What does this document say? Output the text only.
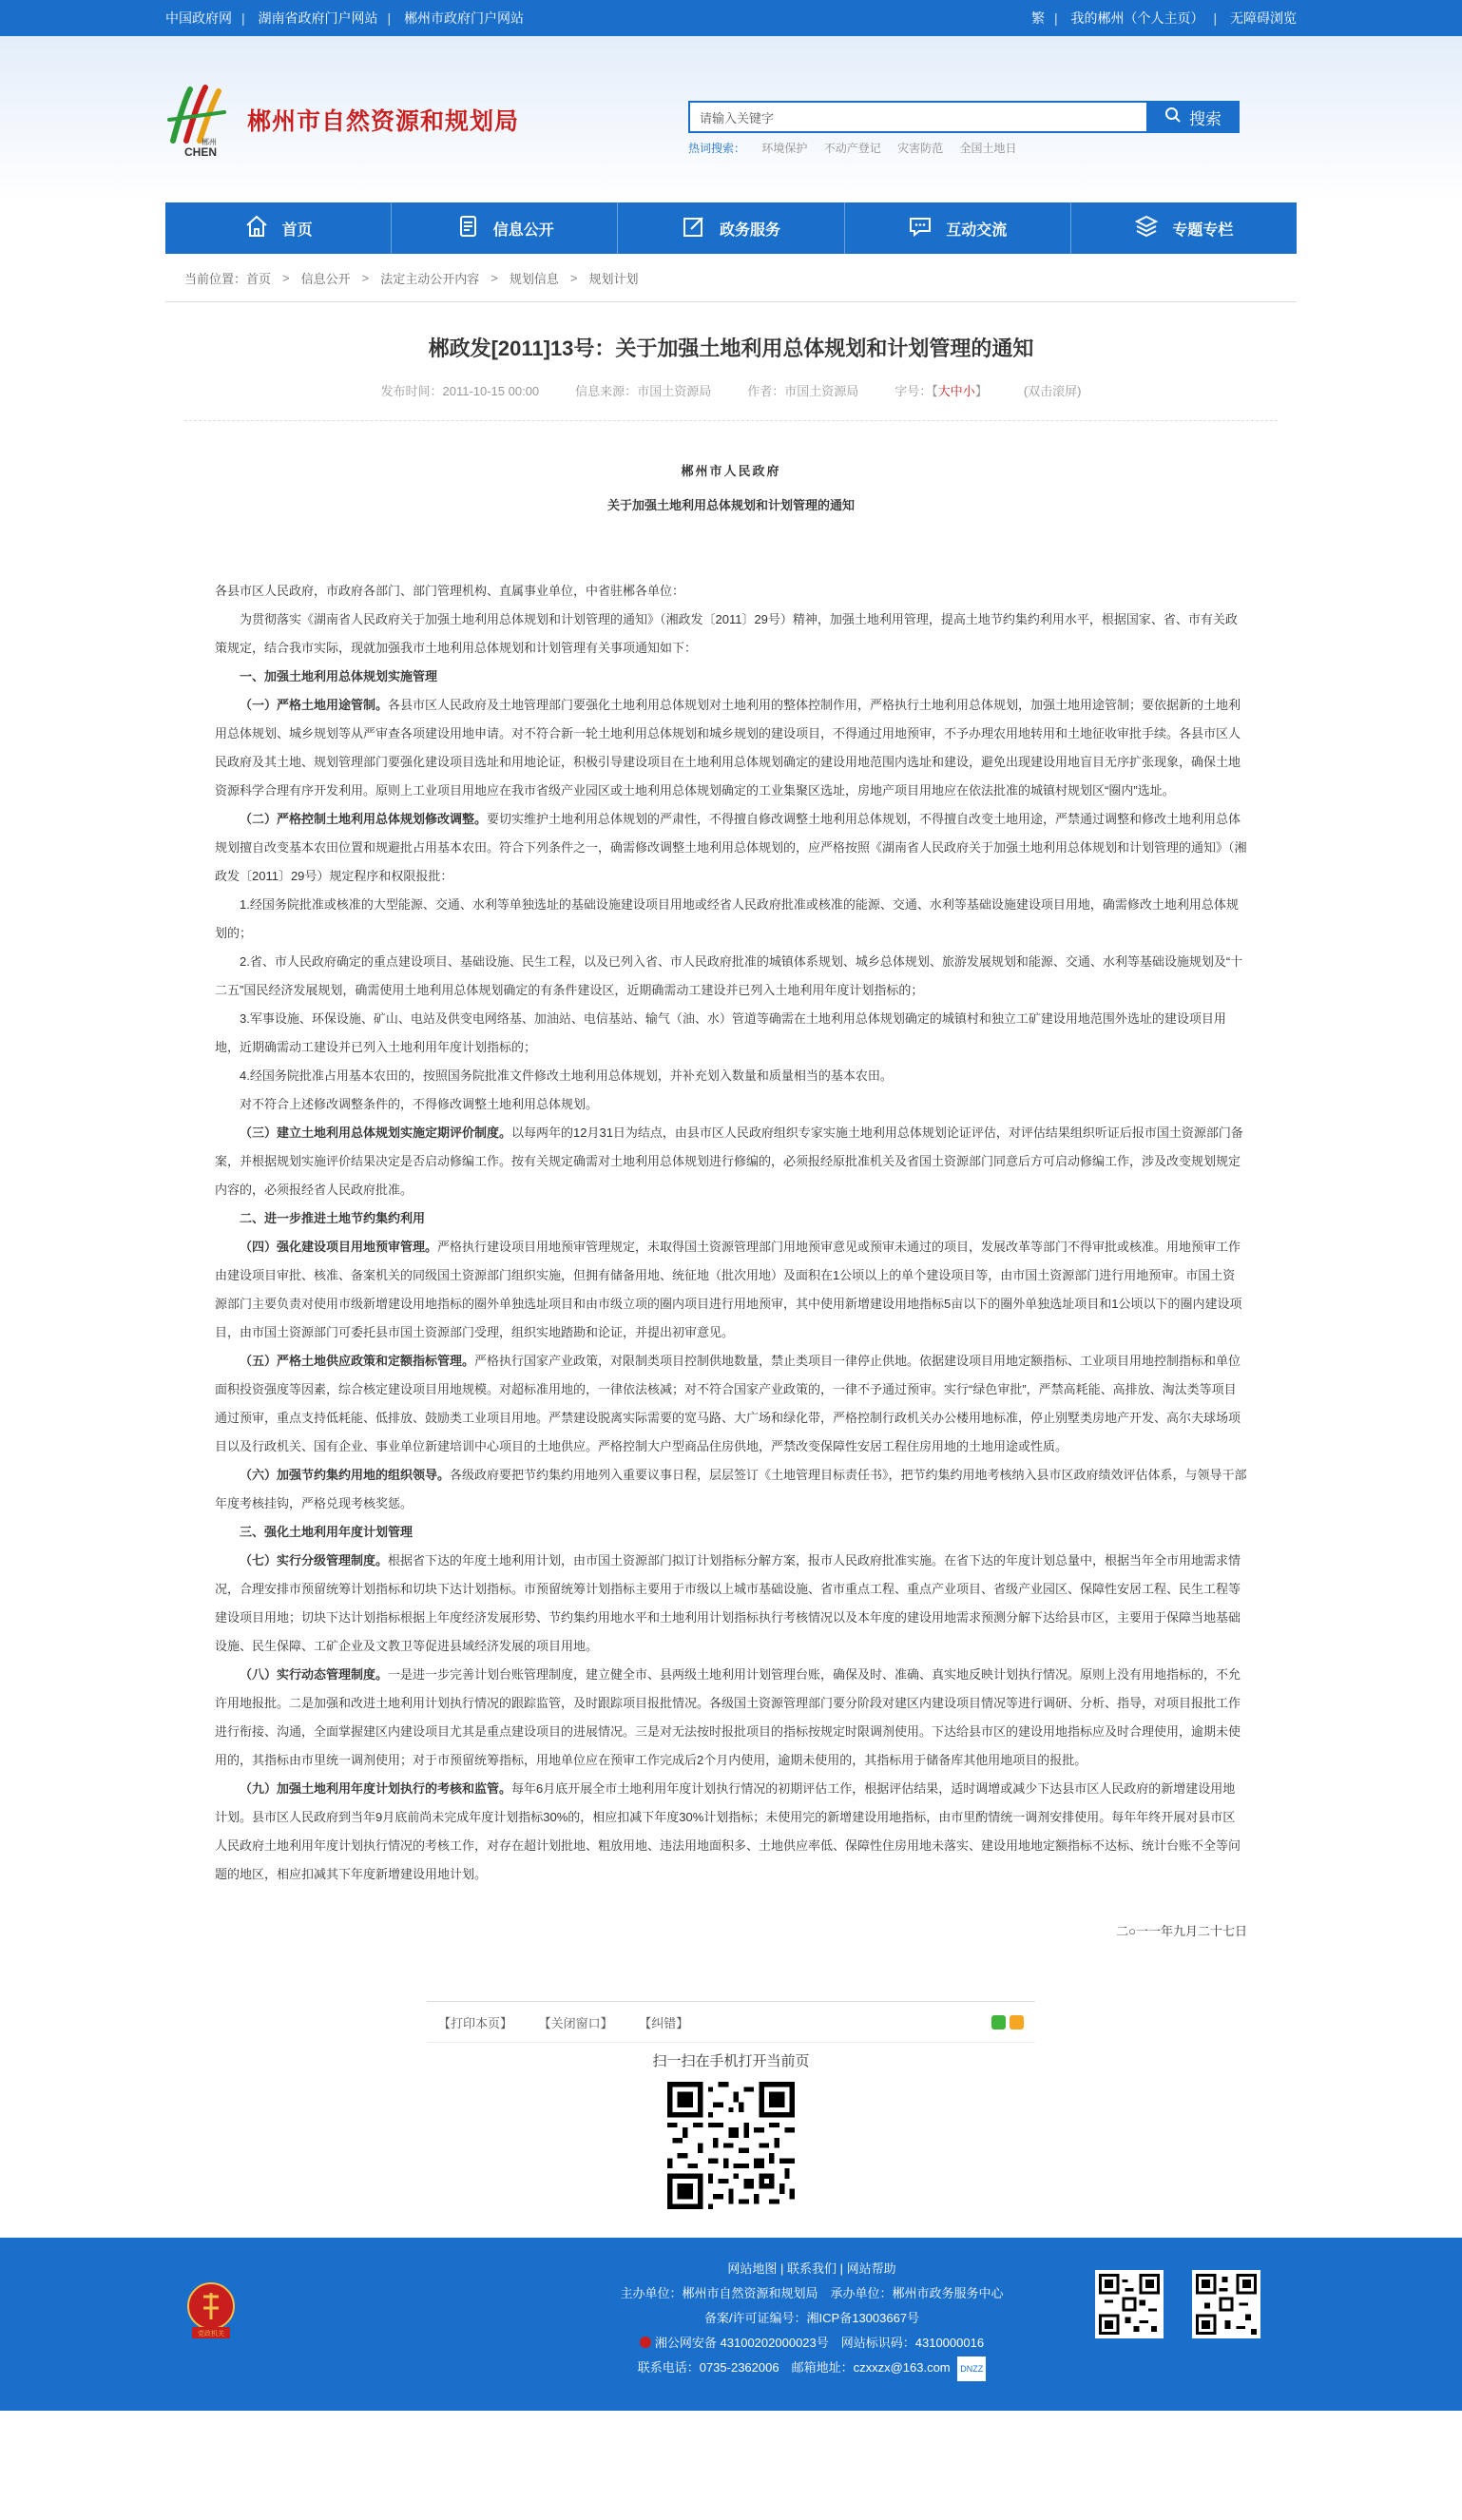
中国政府网 | 湖南省政府门户网站 | 郴州市政府门户网站	繁 | 我的郴州（个人主页） | 无障碍浏览
郴州
CHEN
郴州市自然资源和规划局
请输入关键字	搜索
热词搜索： 环境保护 不动产登记 灾害防范 全国土地日
首页	信息公开	政务服务	互动交流	专题专栏
当前位置： 首页 > 信息公开 > 法定主动公开内容 > 规划信息 > 规划计划
郴政发[2011]13号：关于加强土地利用总体规划和计划管理的通知
发布时间：2011-10-15 00:00	信息来源：市国土资源局	作者：市国土资源局	字号：【大中小】	(双击滚屏)
郴州市人民政府
关于加强土地利用总体规划和计划管理的通知

各县市区人民政府，市政府各部门、部门管理机构、直属事业单位，中省驻郴各单位：

为贯彻落实《湖南省人民政府关于加强土地利用总体规划和计划管理的通知》（湘政发〔2011〕29号）精神，加强土地利用管理，提高土地节约集约利用水平，根据国家、省、市有关政策规定，结合我市实际，现就加强我市土地利用总体规划和计划管理有关事项通知如下：

一、加强土地利用总体规划实施管理

（一）严格土地用途管制。各县市区人民政府及土地管理部门要强化土地利用总体规划对土地利用的整体控制作用，严格执行土地利用总体规划，加强土地用途管制；要依据新的土地利用总体规划、城乡规划等从严审查各项建设用地申请。对不符合新一轮土地利用总体规划和城乡规划的建设项目，不得通过用地预审，不予办理农用地转用和土地征收审批手续。各县市区人民政府及其土地、规划管理部门要强化建设项目选址和用地论证，积极引导建设项目在土地利用总体规划确定的建设用地范围内选址和建设，避免出现建设用地盲目无序扩张现象，确保土地资源科学合理有序开发利用。原则上工业项目用地应在我市省级产业园区或土地利用总体规划确定的工业集聚区选址，房地产项目用地应在依法批准的城镇村规划区“圈内”选址。

（二）严格控制土地利用总体规划修改调整。要切实维护土地利用总体规划的严肃性，不得擅自修改调整土地利用总体规划，不得擅自改变土地用途，严禁通过调整和修改土地利用总体规划擅自改变基本农田位置和规避批占用基本农田。符合下列条件之一，确需修改调整土地利用总体规划的，应严格按照《湖南省人民政府关于加强土地利用总体规划和计划管理的通知》（湘政发〔2011〕29号）规定程序和权限报批：

1.经国务院批准或核准的大型能源、交通、水利等单独选址的基础设施建设项目用地或经省人民政府批准或核准的能源、交通、水利等基础设施建设项目用地，确需修改土地利用总体规划的；

2.省、市人民政府确定的重点建设项目、基础设施、民生工程，以及已列入省、市人民政府批准的城镇体系规划、城乡总体规划、旅游发展规划和能源、交通、水利等基础设施规划及“十二五”国民经济发展规划，确需使用土地利用总体规划确定的有条件建设区，近期确需动工建设并已列入土地利用年度计划指标的；

3.军事设施、环保设施、矿山、电站及供变电网络基、加油站、电信基站、输气（油、水）管道等确需在土地利用总体规划确定的城镇村和独立工矿建设用地范围外选址的建设项目用地，近期确需动工建设并已列入土地利用年度计划指标的；

4.经国务院批准占用基本农田的，按照国务院批准文件修改土地利用总体规划，并补充划入数量和质量相当的基本农田。

对不符合上述修改调整条件的，不得修改调整土地利用总体规划。

（三）建立土地利用总体规划实施定期评价制度。以每两年的12月31日为结点，由县市区人民政府组织专家实施土地利用总体规划论证评估，对评估结果组织听证后报市国土资源部门备案，并根据规划实施评价结果决定是否启动修编工作。按有关规定确需对土地利用总体规划进行修编的，必须报经原批准机关及省国土资源部门同意后方可启动修编工作，涉及改变规划规定内容的，必须报经省人民政府批准。

二、进一步推进土地节约集约利用

（四）强化建设项目用地预审管理。严格执行建设项目用地预审管理规定，未取得国土资源管理部门用地预审意见或预审未通过的项目，发展改革等部门不得审批或核准。用地预审工作由建设项目审批、核准、备案机关的同级国土资源部门组织实施，但拥有储备用地、统征地（批次用地）及面积在1公顷以上的单个建设项目等，由市国土资源部门进行用地预审。市国土资源部门主要负责对使用市级新增建设用地指标的圈外单独选址项目和由市级立项的圈内项目进行用地预审，其中使用新增建设用地指标5亩以下的圈外单独选址项目和1公顷以下的圈内建设项目，由市国土资源部门可委托县市国土资源部门受理，组织实地踏勘和论证，并提出初审意见。

（五）严格土地供应政策和定额指标管理。严格执行国家产业政策，对限制类项目控制供地数量，禁止类项目一律停止供地。依据建设项目用地定额指标、工业项目用地控制指标和单位面积投资强度等因素，综合核定建设项目用地规模。对超标准用地的，一律依法核减；对不符合国家产业政策的，一律不予通过预审。实行“绿色审批”，严禁高耗能、高排放、淘汰类等项目通过预审，重点支持低耗能、低排放、鼓励类工业项目用地。严禁建设脱离实际需要的宽马路、大广场和绿化带，严格控制行政机关办公楼用地标准，停止别墅类房地产开发、高尔夫球场项目以及行政机关、国有企业、事业单位新建培训中心项目的土地供应。严格控制大户型商品住房供地，严禁改变保障性安居工程住房用地的土地用途或性质。

（六）加强节约集约用地的组织领导。各级政府要把节约集约用地列入重要议事日程，层层签订《土地管理目标责任书》，把节约集约用地考核纳入县市区政府绩效评估体系，与领导干部年度考核挂钩，严格兑现考核奖惩。

三、强化土地利用年度计划管理

（七）实行分级管理制度。根据省下达的年度土地利用计划，由市国土资源部门拟订计划指标分解方案，报市人民政府批准实施。在省下达的年度计划总量中，根据当年全市用地需求情况，合理安排市预留统筹计划指标和切块下达计划指标。市预留统筹计划指标主要用于市级以上城市基础设施、省市重点工程、重点产业项目、省级产业园区、保障性安居工程、民生工程等建设项目用地；切块下达计划指标根据上年度经济发展形势、节约集约用地水平和土地利用计划指标执行考核情况以及本年度的建设用地需求预测分解下达给县市区，主要用于保障当地基础设施、民生保障、工矿企业及文教卫等促进县域经济发展的项目用地。

（八）实行动态管理制度。一是进一步完善计划台账管理制度，建立健全市、县两级土地利用计划管理台账，确保及时、准确、真实地反映计划执行情况。原则上没有用地指标的，不允许用地报批。二是加强和改进土地利用计划执行情况的跟踪监管，及时跟踪项目报批情况。各级国土资源管理部门要分阶段对建区内建设项目情况等进行调研、分析、指导，对项目报批工作进行衔接、沟通，全面掌握建区内建设项目尤其是重点建设项目的进展情况。三是对无法按时报批项目的指标按规定时限调剂使用。下达给县市区的建设用地指标应及时合理使用，逾期未使用的，其指标由市里统一调剂使用；对于市预留统筹指标，用地单位应在预审工作完成后2个月内使用，逾期未使用的，其指标用于储备库其他用地项目的报批。

（九）加强土地利用年度计划执行的考核和监管。每年6月底开展全市土地利用年度计划执行情况的初期评估工作，根据评估结果，适时调增或减少下达县市区人民政府的新增建设用地计划。县市区人民政府到当年9月底前尚未完成年度计划指标30%的，相应扣减下年度30%计划指标；未使用完的新增建设用地指标，由市里酌情统一调剂安排使用。每年年终开展对县市区人民政府土地利用年度计划执行情况的考核工作，对存在超计划批地、粗放用地、违法用地面积多、土地供应率低、保障性住房用地未落实、建设用地地定额指标不达标、统计台账不全等问题的地区，相应扣减其下年度新增建设用地计划。

二○一一年九月二十七日
【打印本页】 【关闭窗口】 【纠错】
扫一扫在手机打开当前页
党政机关
网站地图 | 联系我们 | 网站帮助
主办单位：郴州市自然资源和规划局　承办单位：郴州市政务服务中心
备案/许可证编号：湘ICP备13003667号
湘公网安备 43100202000023号　网站标识码：4310000016
联系电话：0735-2362006　邮箱地址：czxxzx@163.com DNZZ
